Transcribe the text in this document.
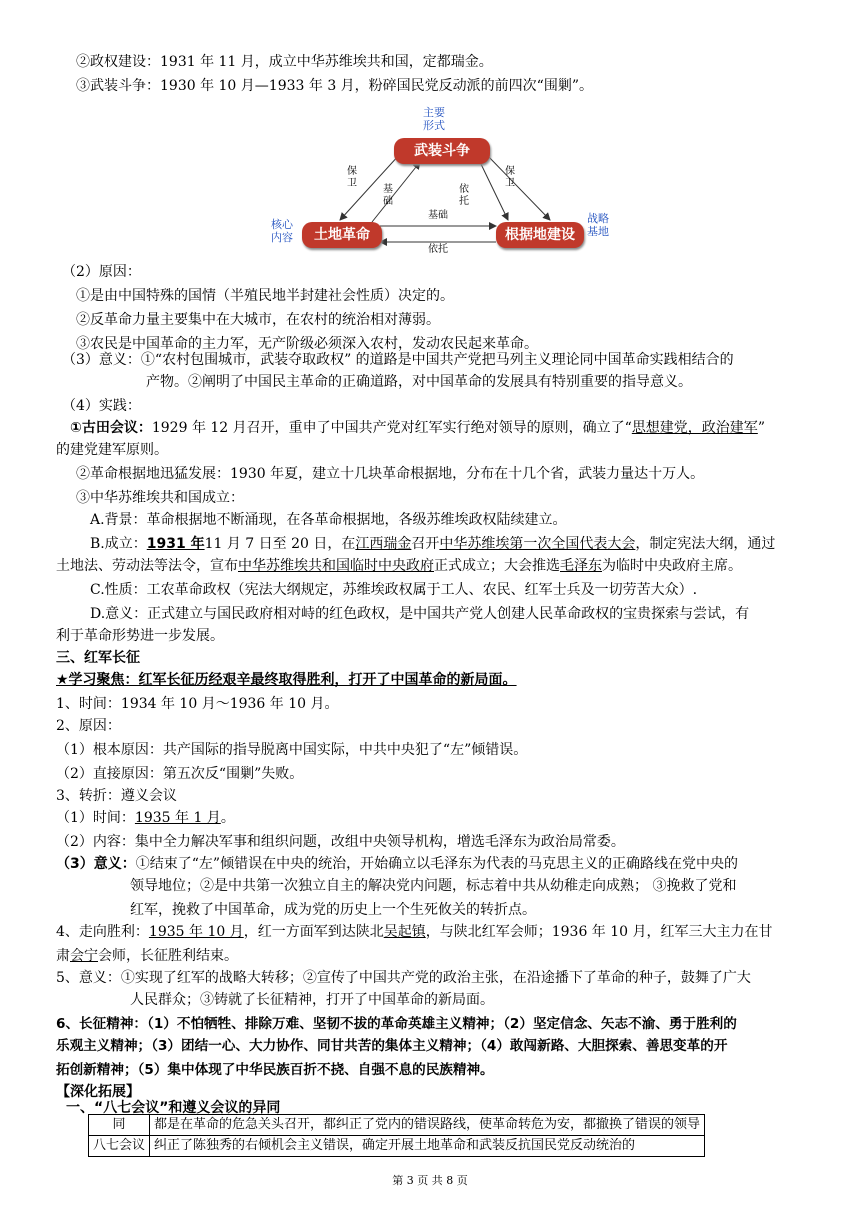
②政权建设：1931 年 11 月，成立中华苏维埃共和国，定都瑞金。
③武装斗争：1930 年 10 月—1933 年 3 月，粉碎国民党反动派的前四次“围剿”。
主要
形式
武装斗争
土地革命	根据地建设
核心
内容
战略
基地
保
卫
基
础
依
托
保
卫
基础
依托
（2）原因：
①是由中国特殊的国情（半殖民地半封建社会性质）决定的。
②反革命力量主要集中在大城市，在农村的统治相对薄弱。
③农民是中国革命的主力军，无产阶级必须深入农村，发动农民起来革命。
（3）意义：①“农村包围城市，武装夺取政权” 的道路是中国共产党把马列主义理论同中国革命实践相结合的
产物。②阐明了中国民主革命的正确道路，对中国革命的发展具有特别重要的指导意义。
（4）实践：
①古田会议：1929 年 12 月召开，重申了中国共产党对红军实行绝对领导的原则，确立了“思想建党，政治建军”
的建党建军原则。
②革命根据地迅猛发展：1930 年夏，建立十几块革命根据地，分布在十几个省，武装力量达十万人。
③中华苏维埃共和国成立：
A.背景：革命根据地不断涌现，在各革命根据地，各级苏维埃政权陆续建立。
B.成立：1931 年11 月 7 日至 20 日，在江西瑞金召开中华苏维埃第一次全国代表大会，制定宪法大纲，通过
土地法、劳动法等法令，宣布中华苏维埃共和国临时中央政府正式成立；大会推选毛泽东为临时中央政府主席。
C.性质：工农革命政权（宪法大纲规定，苏维埃政权属于工人、农民、红军士兵及一切劳苦大众）.
D.意义：正式建立与国民政府相对峙的红色政权，是中国共产党人创建人民革命政权的宝贵探索与尝试，有
利于革命形势进一步发展。
三、红军长征
★学习聚焦：红军长征历经艰辛最终取得胜利，打开了中国革命的新局面。
1、时间：1934 年 10 月～1936 年 10 月。
2、原因：
（1）根本原因：共产国际的指导脱离中国实际，中共中央犯了“左”倾错误。
（2）直接原因：第五次反“围剿”失败。
3、转折：遵义会议
（1）时间：1935 年 1 月。
（2）内容：集中全力解决军事和组织问题，改组中央领导机构，增选毛泽东为政治局常委。
（3）意义：①结束了“左”倾错误在中央的统治，开始确立以毛泽东为代表的马克思主义的正确路线在党中央的
领导地位；②是中共第一次独立自主的解决党内问题，标志着中共从幼稚走向成熟； ③挽救了党和
红军，挽救了中国革命，成为党的历史上一个生死攸关的转折点。
4、走向胜利：1935 年 10 月，红一方面军到达陕北吴起镇，与陕北红军会师；1936 年 10 月，红军三大主力在甘
肃会宁会师，长征胜利结束。
5、意义：①实现了红军的战略大转移；②宣传了中国共产党的政治主张，在沿途播下了革命的种子，鼓舞了广大
人民群众；③铸就了长征精神，打开了中国革命的新局面。
6、长征精神：（1）不怕牺牲、排除万难、坚韧不拔的革命英雄主义精神；（2）坚定信念、矢志不渝、勇于胜利的
乐观主义精神；（3）团结一心、大力协作、同甘共苦的集体主义精神；（4）敢闯新路、大胆探索、善思变革的开
拓创新精神；（5）集中体现了中华民族百折不挠、自强不息的民族精神。
【深化拓展】
一、“八七会议”和遵义会议的异同
同	都是在革命的危急关头召开，都纠正了党内的错误路线，使革命转危为安，都撤换了错误的领导
八七会议	纠正了陈独秀的右倾机会主义错误，确定开展土地革命和武装反抗国民党反动统治的
第 3 页 共 8 页
